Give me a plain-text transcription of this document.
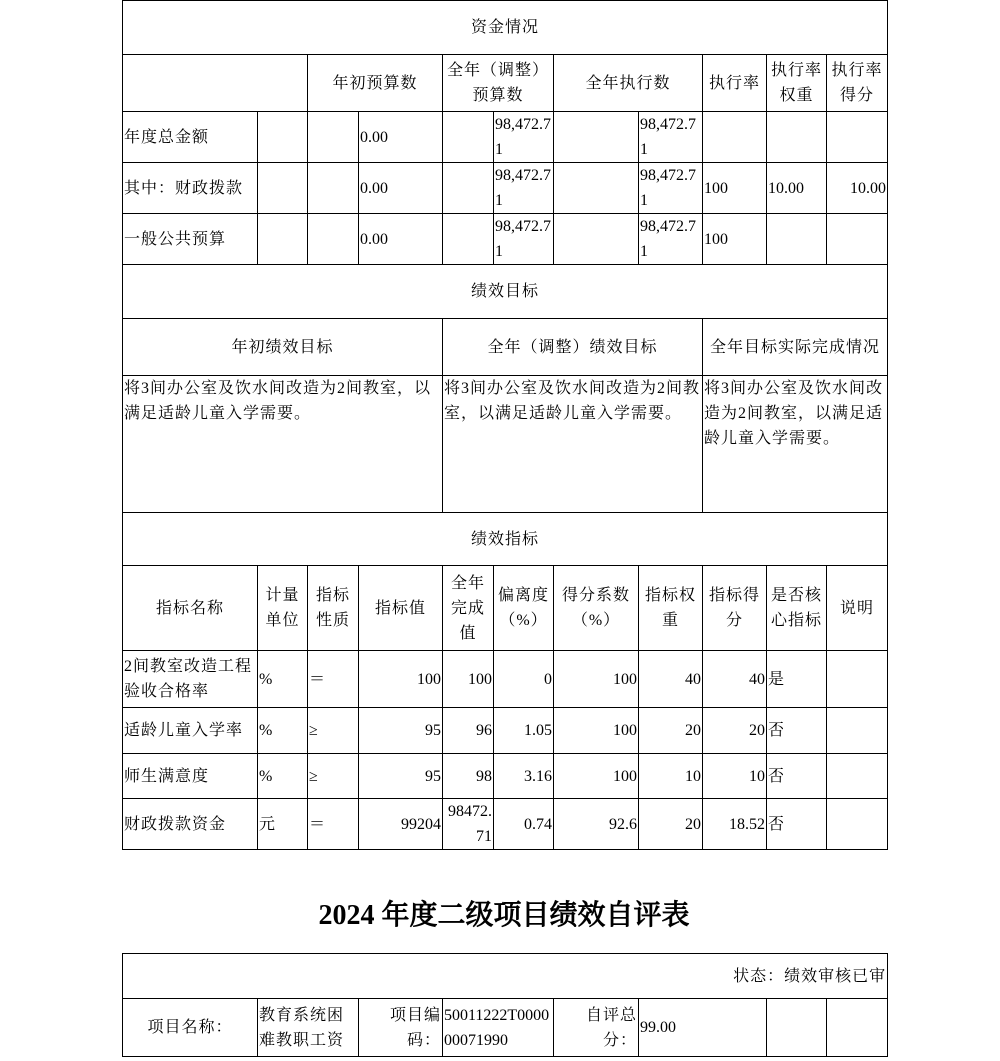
资金情况										
		年初预算数		全年（调整）预算数		全年执行数		执行率	执行率权重	执行率得分
年度总金额			0.00		98,472.71		98,472.71			
其中：财政拨款			0.00		98,472.71		98,472.71	100	10.00	10.00
一般公共预算			0.00		98,472.71		98,472.71	100		
绩效目标										
年初绩效目标				全年（调整）绩效目标				全年目标实际完成情况		
将3间办公室及饮水间改造为2间教室，以满足适龄儿童入学需要。				将3间办公室及饮水间改造为2间教室，以满足适龄儿童入学需要。				将3间办公室及饮水间改造为2间教室，以满足适龄儿童入学需要。		
绩效指标										
指标名称	计量单位	指标性质	指标值	全年完成值	偏离度（%）	得分系数（%）	指标权重	指标得分	是否核心指标	说明
2间教室改造工程验收合格率	%	＝	100	100	0	100	40	40	是	
适龄儿童入学率	%	≥	95	96	1.05	100	20	20	否	
师生满意度	%	≥	95	98	3.16	100	10	10	否	
财政拨款资金	元	＝	99204	98472.71	0.74	92.6	20	18.52	否	
2024 年度二级项目绩效自评表
状态：绩效审核已审
项目名称：	教育系统困难教职工资	项目编码：	50011222T000000071990	自评总分：	99.00		
